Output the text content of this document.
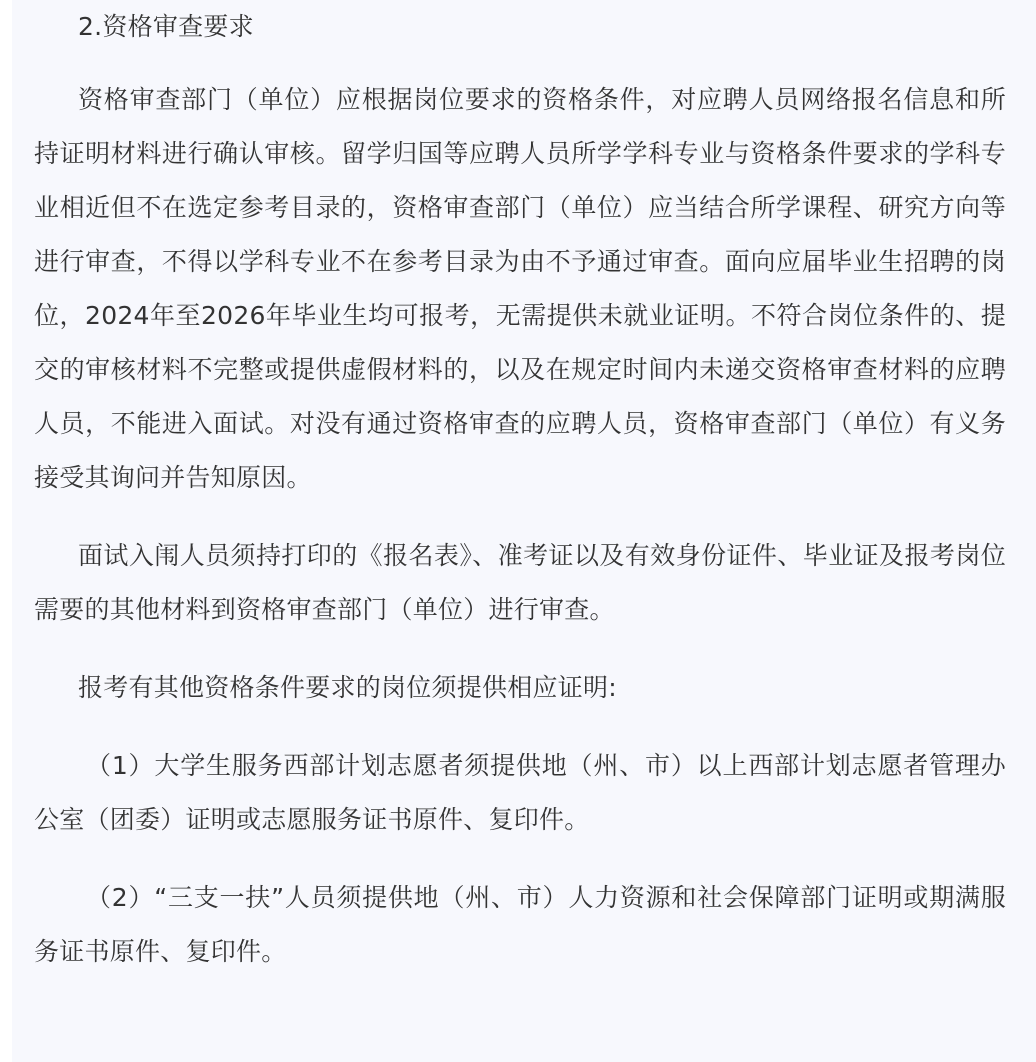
2.资格审查要求

资格审查部门（单位）应根据岗位要求的资格条件，对应聘人员网络报名信息和所持证明材料进行确认审核。留学归国等应聘人员所学学科专业与资格条件要求的学科专业相近但不在选定参考目录的，资格审查部门（单位）应当结合所学课程、研究方向等进行审查，不得以学科专业不在参考目录为由不予通过审查。面向应届毕业生招聘的岗位，2024年至2026年毕业生均可报考，无需提供未就业证明。不符合岗位条件的、提交的审核材料不完整或提供虚假材料的，以及在规定时间内未递交资格审查材料的应聘人员，不能进入面试。对没有通过资格审查的应聘人员，资格审查部门（单位）有义务接受其询问并告知原因。

面试入闱人员须持打印的《报名表》、准考证以及有效身份证件、毕业证及报考岗位需要的其他材料到资格审查部门（单位）进行审查。

报考有其他资格条件要求的岗位须提供相应证明:

（1）大学生服务西部计划志愿者须提供地（州、市）以上西部计划志愿者管理办公室（团委）证明或志愿服务证书原件、复印件。

（2）“三支一扶”人员须提供地（州、市）人力资源和社会保障部门证明或期满服务证书原件、复印件。
